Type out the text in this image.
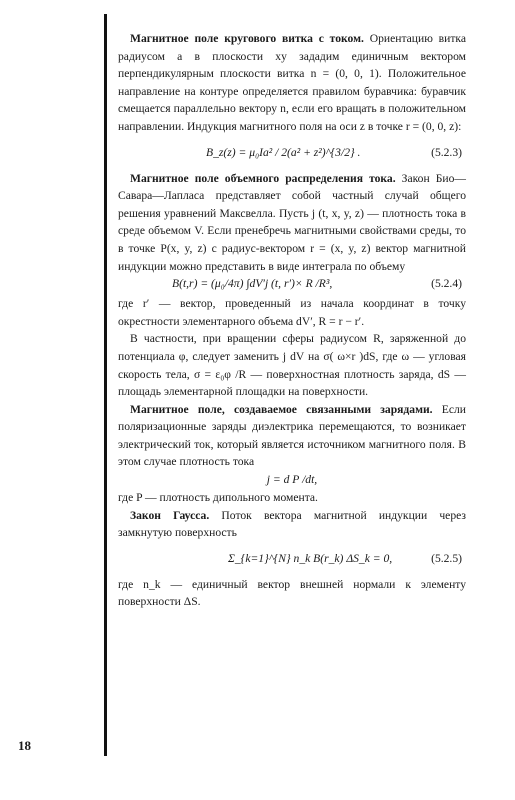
Магнитное поле кругового витка с током. Ориентацию витка радиусом a в плоскости xy зададим единичным вектором перпендикулярным плоскости витка n = (0, 0, 1). Положительное направление на контуре определяется правилом буравчика: буравчик смещается параллельно вектору n, если его вращать в положительном направлении. Индукция магнитного поля на оси z в точке r = (0, 0, z):

B_z(z) = μ₀Ia² / 2(a² + z²)^{3/2} .	(5.2.3)

Магнитное поле объемного распределения тока. Закон Био—Савара—Лапласа представляет собой частный случай общего решения уравнений Максвелла. Пусть j (t, x, y, z) — плотность тока в среде объемом V. Если пренебречь магнитными свойствами среды, то в точке P(x, y, z) с радиус-вектором r = (x, y, z) вектор магнитной индукции можно представить в виде интеграла по объему

B(t,r) = (μ₀/4π) ∫dV′j (t, r′)× R /R³,	(5.2.4)

где r′ — вектор, проведенный из начала координат в точку окрестности элементарного объема dV′, R = r − r′.

В частности, при вращении сферы радиусом R, заряженной до потенциала φ, следует заменить j dV на σ( ω×r )dS, где ω — угловая скорость тела, σ = ε₀φ /R — поверхностная плотность заряда, dS — площадь элементарной площадки на поверхности.

Магнитное поле, создаваемое связанными зарядами. Если поляризационные заряды диэлектрика перемещаются, то возникает электрический ток, который является источником магнитного поля. В этом случае плотность тока

j = d P /dt,

где P — плотность дипольного момента.

Закон Гаусса. Поток вектора магнитной индукции через замкнутую поверхность

Σ_{k=1}^{N} n_k B(r_k) ΔS_k = 0,	(5.2.5)

где n_k — единичный вектор внешней нормали к элементу поверхности ΔS.

18
